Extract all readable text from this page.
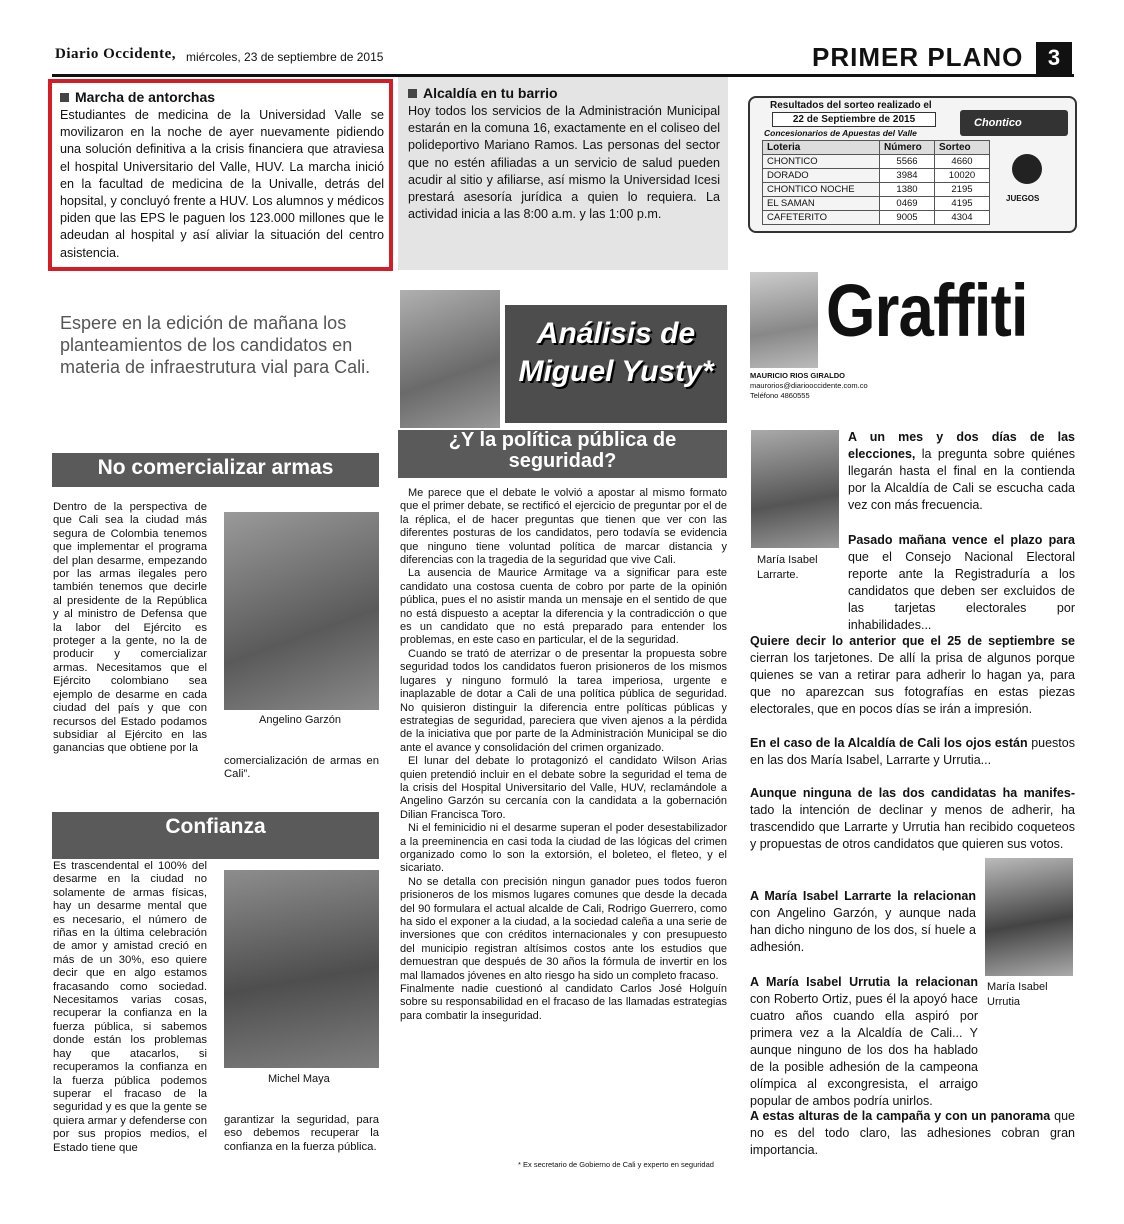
Diario Occidente, miércoles, 23 de septiembre de 2015	PRIMER PLANO	3
Marcha de antorchas
Estudiantes de medicina de la Universidad Valle se movilizaron en la noche de ayer nuevamente pidiendo una solución definitiva a la crisis financiera que atraviesa el hospital Universitario del Valle, HUV. La marcha inició en la facultad de medicina de la Univalle, detrás del hopsital, y concluyó frente a HUV. Los alumnos y médicos piden que las EPS le paguen los 123.000 millones que le adeudan al hospital y así aliviar la situación del centro asistencia.
Alcaldía en tu barrio
Hoy todos los servicios de la Administración Municipal estarán en la comuna 16, exactamente en el coliseo del polideportivo Mariano Ramos. Las personas del sector que no estén afiliadas a un servicio de salud pueden acudir al sitio y afiliarse, así mismo la Universidad Icesi prestará asesoría jurídica a quien lo requiera. La actividad inicia a las 8:00 a.m. y las 1:00 p.m.
Resultados del sorteo realizado el
22 de Septiembre de 2015
Concesionarios de Apuestas del Valle
Chontico
Loteria	Número	Sorteo
CHONTICO	5566	4660
DORADO	3984	10020
CHONTICO NOCHE	1380	2195
EL SAMAN	0469	4195
CAFETERITO	9005	4304
JUEGOS
Espere en la edición de mañana los planteamientos de los candidatos en materia de infraestrutura vial para Cali.
No comercializar armas
Dentro de la perspectiva de que Cali sea la ciudad más segura de Colombia tenemos que implementar el programa del plan desarme, empezando por las armas ilegales pero también tenemos que decirle al presidente de la República y al ministro de Defensa que la labor del Ejército es proteger a la gente, no la de producir y comercializar armas. Necesitamos que el Ejército colombiano sea ejemplo de desarme en cada ciudad del país y que con recursos del Estado podamos subsidiar al Ejército en las ganancias que obtiene por la
Angelino Garzón
comercialización de armas en Cali”.
Confianza
Es trascendental el 100% del desarme en la ciudad no solamente de armas físicas, hay un desarme mental que es necesario, el número de riñas en la última celebración de amor y amistad creció en más de un 30%, eso quiere decir que en algo estamos fracasando como sociedad. Necesitamos varias cosas, recuperar la confianza en la fuerza pública, si sabemos donde están los problemas hay que atacarlos, si recuperamos la confianza en la fuerza pública podemos superar el fracaso de la seguridad y es que la gente se quiera armar y defenderse con por sus propios medios, el Estado tiene que
Michel Maya
garantizar la seguridad, para eso debemos recuperar la confianza en la fuerza pública.
Análisis de
Miguel Yusty*
¿Y la política pública de seguridad?

Me parece que el debate le volvió a apostar al mismo formato que el primer debate, se rectificó el ejercicio de preguntar por el de la réplica, el de hacer preguntas que tienen que ver con las diferentes posturas de los candidatos, pero todavía se evidencia que ninguno tiene voluntad política de marcar distancia y diferencias con la tragedia de la seguridad que vive Cali.

La ausencia de Maurice Armitage va a significar para este candidato una costosa cuenta de cobro por parte de la opinión pública, pues el no asistir manda un mensaje en el sentido de que no está dispuesto a aceptar la diferencia y la contradicción o que es un candidato que no está preparado para entender los problemas, en este caso en particular, el de la seguridad.

Cuando se trató de aterrizar o de presentar la propuesta sobre seguridad todos los candidatos fueron prisioneros de los mismos lugares y ninguno formuló la tarea imperiosa, urgente e inaplazable de dotar a Cali de una política pública de seguridad. No quisieron distinguir la diferencia entre políticas públicas y estrategias de seguridad, pareciera que viven ajenos a la pérdida de la iniciativa que por parte de la Administración Municipal se dio ante el avance y consolidación del crimen organizado.

El lunar del debate lo protagonizó el candidato Wilson Arias quien pretendió incluir en el debate sobre la seguridad el tema de la crisis del Hospital Universitario del Valle, HUV, reclamándole a Angelino Garzón su cercanía con la candidata a la gobernación Dilian Francisca Toro.

Ni el feminicidio ni el desarme superan el poder desestabilizador a la preeminencia en casi toda la ciudad de las lógicas del crimen organizado como lo son la extorsión, el boleteo, el fleteo, y el sicariato.

No se detalla con precisión ningun ganador pues todos fueron prisioneros de los mismos lugares comunes que desde la decada del 90 formulara el actual alcalde de Cali, Rodrigo Guerrero, como ha sido el exponer a la ciudad, a la sociedad caleña a una serie de inversiones que con créditos internacionales y con presupuesto del municipio registran altísimos costos ante los estudios que demuestran que después de 30 años la fórmula de invertir en los mal llamados jóvenes en alto riesgo ha sido un completo fracaso.

Finalmente nadie cuestionó al candidato Carlos José Holguín sobre su responsabilidad en el fracaso de las llamadas estrategias para combatir la inseguridad.

* Ex secretario de Gobierno de Cali y experto en seguridad
Graffiti
MAURICIO RIOS GIRALDO
maurorios@diariooccidente.com.co
Teléfono 4860555
María Isabel
Larrarte.
A un mes y dos días de las elecciones, la pregunta sobre quiénes llegarán hasta el final en la contienda por la Alcaldía de Cali se escucha cada vez con más frecuencia.
Pasado mañana vence el plazo para que el Consejo Nacional Electoral reporte ante la Registraduría a los candidatos que deben ser excluidos de las tarjetas electorales por inhabilidades...
Quiere decir lo anterior que el 25 de septiembre se cierran los tarjetones. De allí la prisa de algunos porque quienes se van a retirar para adherir lo hagan ya, para que no aparezcan sus fotografías en estas piezas electorales, que en pocos días se irán a impresión.
En el caso de la Alcaldía de Cali los ojos están puestos en las dos María Isabel, Larrarte y Urrutia...
Aunque ninguna de las dos candidatas ha manifes-tado la intención de declinar y menos de adherir, ha trascendido que Larrarte y Urrutia han recibido coqueteos y propuestas de otros candidatos que quieren sus votos.
A María Isabel Larrarte la relacionan con Angelino Garzón, y aunque nada han dicho ninguno de los dos, sí huele a adhesión.
María Isabel
Urrutia
A María Isabel Urrutia la relacionan con Roberto Ortiz, pues él la apoyó hace cuatro años cuando ella aspiró por primera vez a la Alcaldía de Cali... Y aunque ninguno de los dos ha hablado de la posible adhesión de la campeona olímpica al excongresista, el arraigo popular de ambos podría unirlos.
A estas alturas de la campaña y con un panorama que no es del todo claro, las adhesiones cobran gran importancia.
